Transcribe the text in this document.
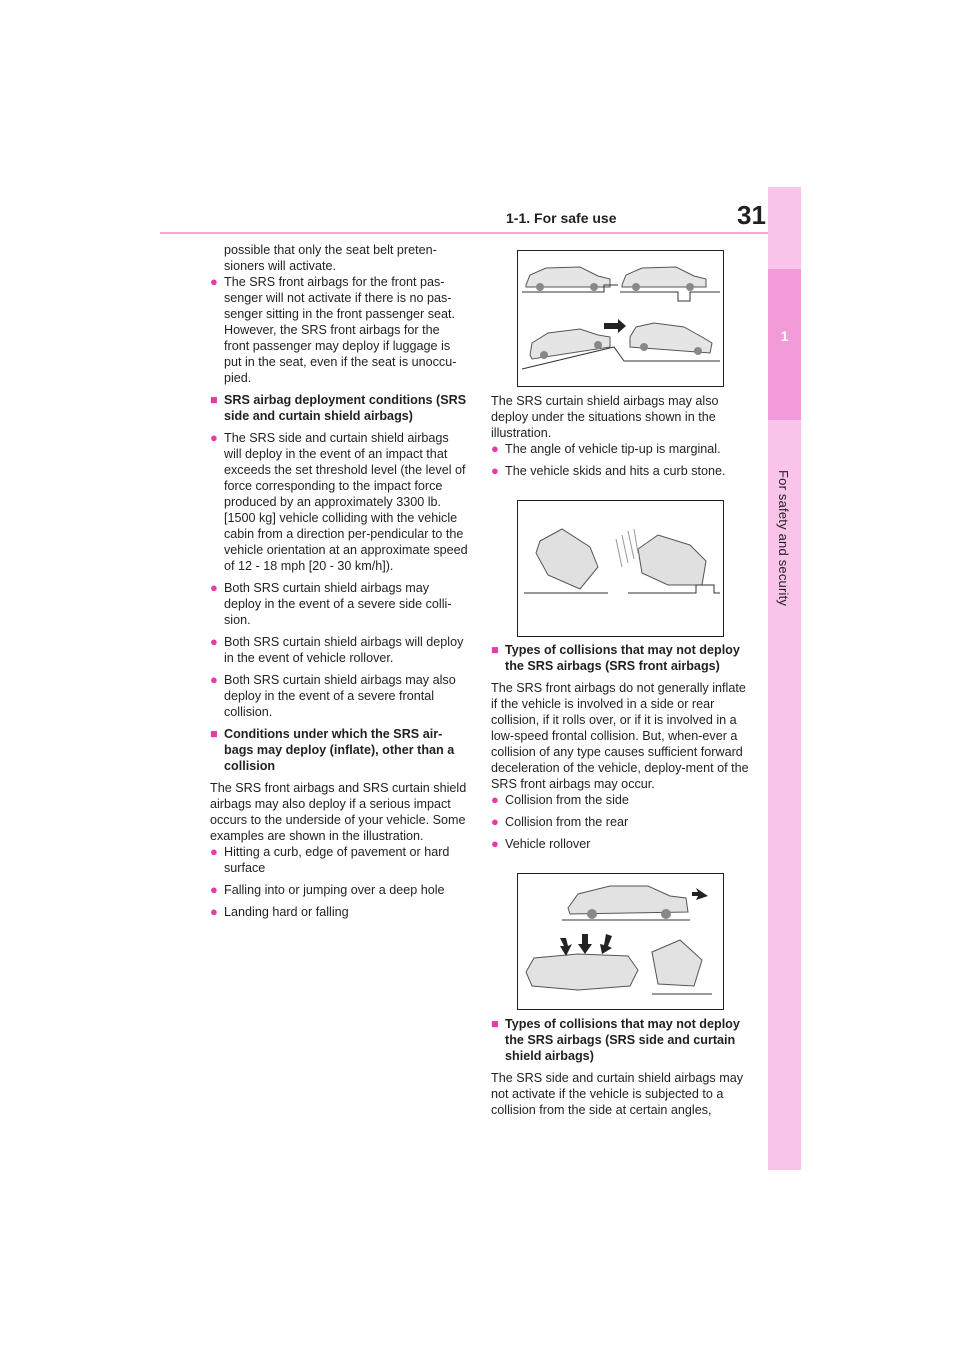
1-1. For safe use	31
1
For safety and security

possible that only the seat belt preten-sioners will activate.

● The SRS front airbags for the front pas-senger will not activate if there is no pas-senger sitting in the front passenger seat. However, the SRS front airbags for the front passenger may deploy if luggage is put in the seat, even if the seat is unoccu-pied.
■ SRS airbag deployment conditions (SRS side and curtain shield airbags)
● The SRS side and curtain shield airbags will deploy in the event of an impact that exceeds the set threshold level (the level of force corresponding to the impact force produced by an approximately 3300 lb. [1500 kg] vehicle colliding with the vehicle cabin from a direction per-pendicular to the vehicle orientation at an approximate speed of 12 - 18 mph [20 - 30 km/h]).
● Both SRS curtain shield airbags may deploy in the event of a severe side colli-sion.
● Both SRS curtain shield airbags will deploy in the event of vehicle rollover.
● Both SRS curtain shield airbags may also deploy in the event of a severe frontal collision.
■ Conditions under which the SRS air-bags may deploy (inflate), other than a collision

The SRS front airbags and SRS curtain shield airbags may also deploy if a serious impact occurs to the underside of your vehicle. Some examples are shown in the illustration.

● Hitting a curb, edge of pavement or hard surface
● Falling into or jumping over a deep hole
● Landing hard or falling

The SRS curtain shield airbags may also deploy under the situations shown in the illustration.

● The angle of vehicle tip-up is marginal.
● The vehicle skids and hits a curb stone.
■ Types of collisions that may not deploy the SRS airbags (SRS front airbags)

The SRS front airbags do not generally inflate if the vehicle is involved in a side or rear collision, if it rolls over, or if it is involved in a low-speed frontal collision. But, when-ever a collision of any type causes sufficient forward deceleration of the vehicle, deploy-ment of the SRS front airbags may occur.

● Collision from the side
● Collision from the rear
● Vehicle rollover
■ Types of collisions that may not deploy the SRS airbags (SRS side and curtain shield airbags)

The SRS side and curtain shield airbags may not activate if the vehicle is subjected to a collision from the side at certain angles,
